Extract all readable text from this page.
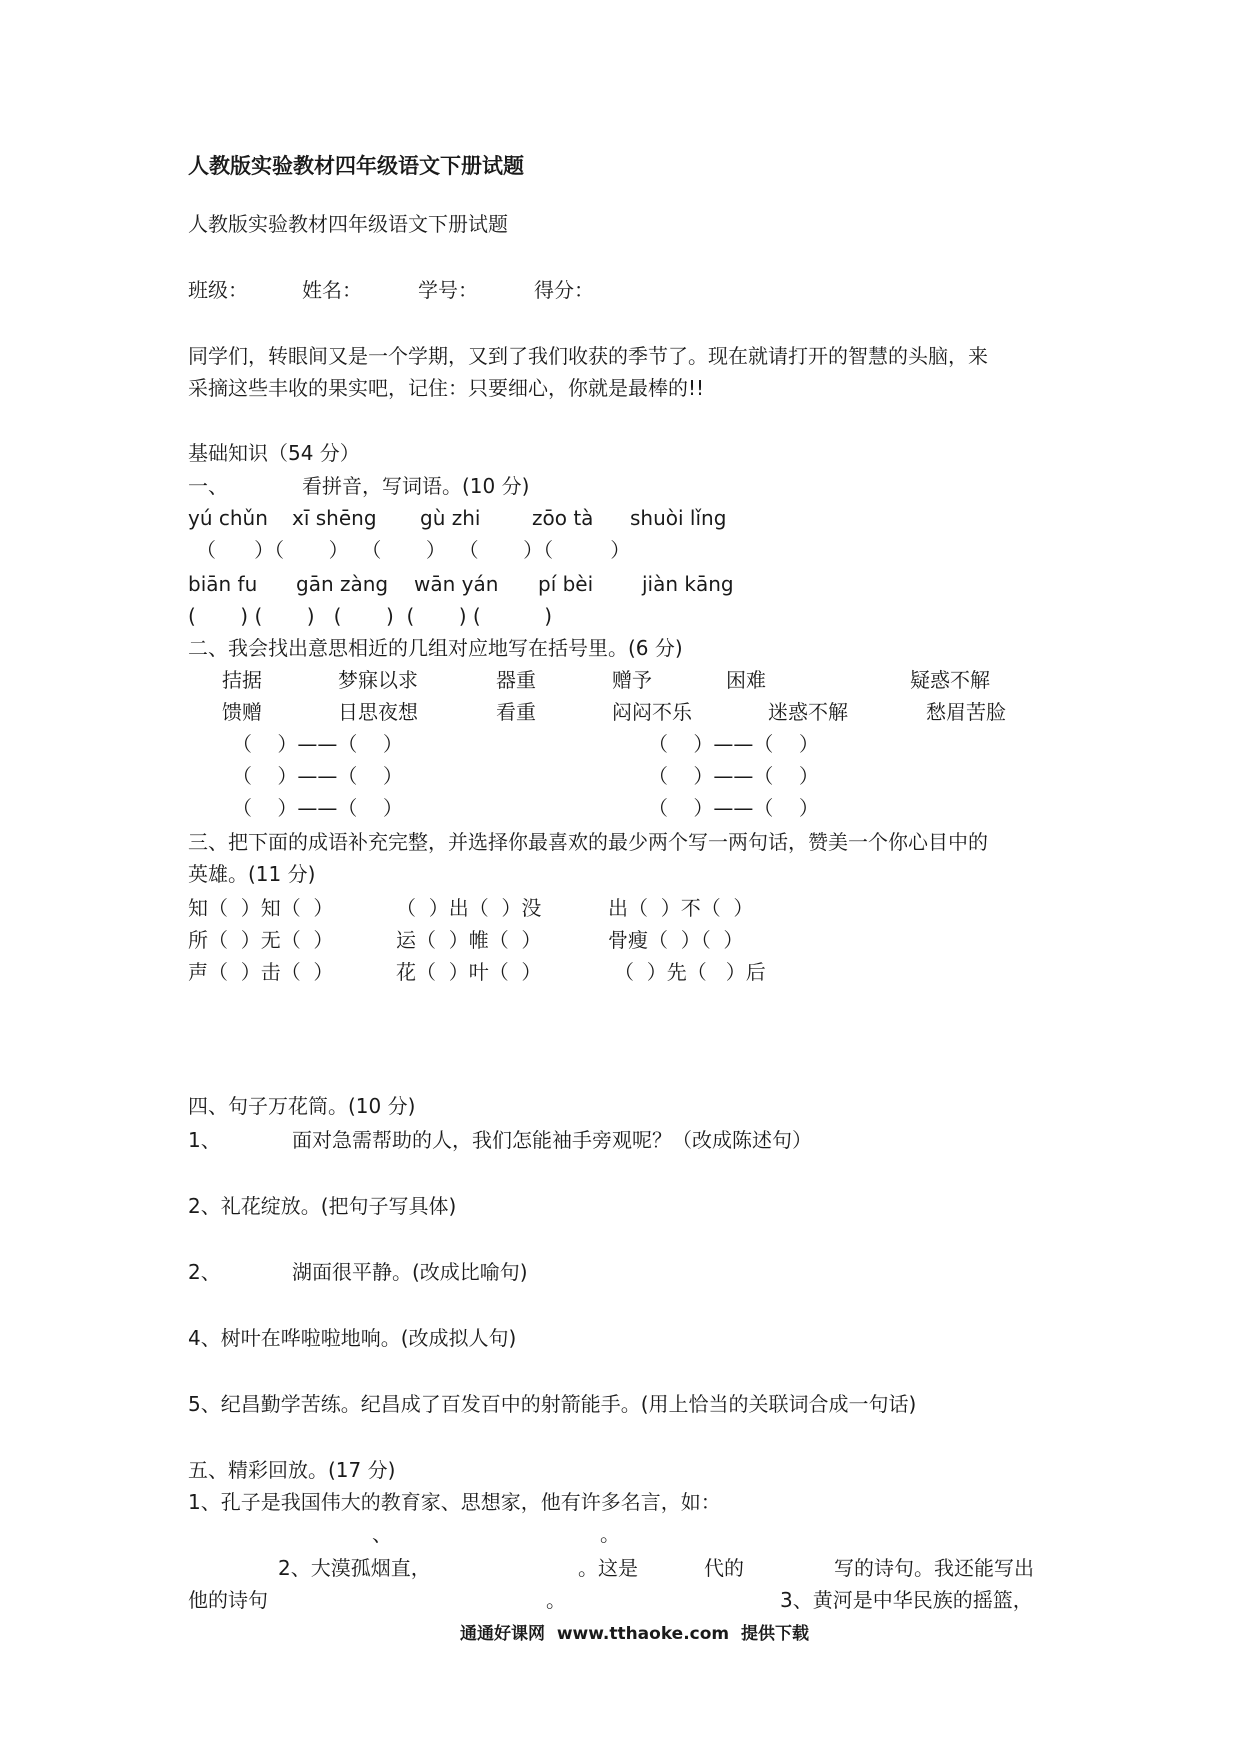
人教版实验教材四年级语文下册试题
人教版实验教材四年级语文下册试题
班级：	姓名：	学号：	得分：
同学们，转眼间又是一个学期，又到了我们收获的季节了。现在就请打开的智慧的头脑，来
采摘这些丰收的果实吧，记住：只要细心，你就是最棒的!!
基础知识（54 分）
一、	看拼音，写词语。(10 分)
yú chǔn xī shēng gù zhi	zōo tà shuòi lǐng
（      ）（       ）  （       ）  （       ）（         ）
biān fu gān zàng wān yán pí bèi jiàn kāng
(       ) (       )   (       )  (       ) (          )
二、我会找出意思相近的几组对应地写在括号里。(6 分)
拮据	梦寐以求	器重	赠予	困难	疑惑不解
馈赠	日思夜想	看重	闷闷不乐	迷惑不解	愁眉苦脸
（    ）——（    ）	（    ）——（    ）
（    ）——（    ）	（    ）——（    ）
（    ）——（    ）	（    ）——（    ）
三、把下面的成语补充完整，并选择你最喜欢的最少两个写一两句话，赞美一个你心目中的
英雄。(11 分)
知（  ）知（  ）	（  ）出（  ）没	出（  ）不（  ）
所（  ）无（  ）	运（  ）帷（  ）	骨瘦（  ）（  ）
声（  ）击（  ）	花（  ）叶（  ）	（  ）先（   ）后
四、句子万花筒。(10 分)
1、	面对急需帮助的人，我们怎能袖手旁观呢？（改成陈述句）
2、礼花绽放。(把句子写具体)
2、	湖面很平静。(改成比喻句)
4、树叶在哗啦啦地响。(改成拟人句)
5、纪昌勤学苦练。纪昌成了百发百中的射箭能手。(用上恰当的关联词合成一句话)
五、精彩回放。(17 分)
1、孔子是我国伟大的教育家、思想家，他有许多名言，如：
、	。
2、大漠孤烟直，	。这是	代的	写的诗句。我还能写出
他的诗句	。	3、黄河是中华民族的摇篮，
通通好课网  www.tthaoke.com  提供下载
